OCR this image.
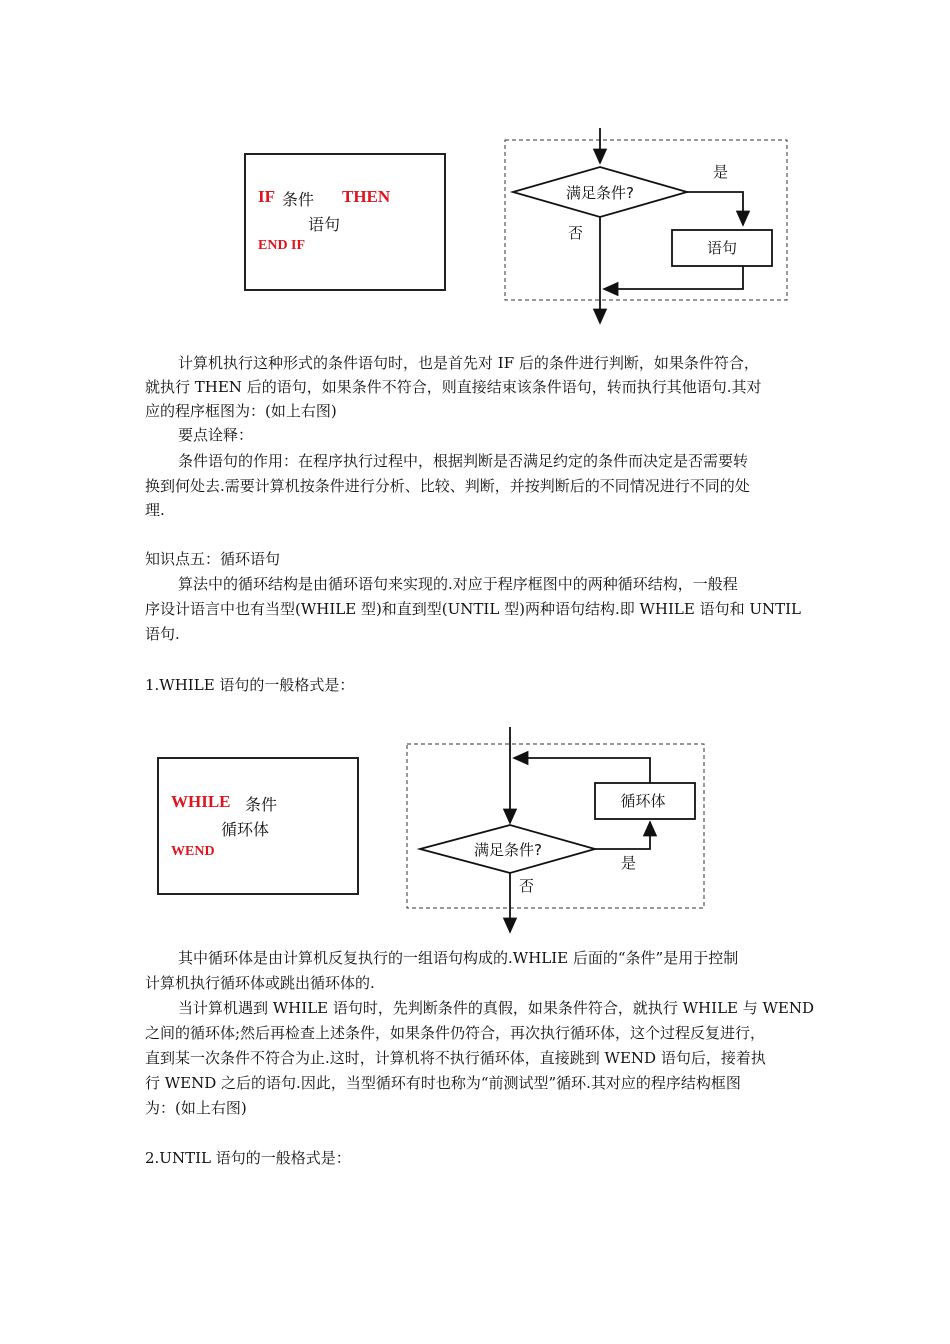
IF 条件 THEN
语句
END IF
满足条件?
是
语句
否
计算机执行这种形式的条件语句时，也是首先对 IF 后的条件进行判断，如果条件符合，
就执行 THEN 后的语句，如果条件不符合，则直接结束该条件语句，转而执行其他语句.其对
应的程序框图为：(如上右图)
要点诠释：
条件语句的作用：在程序执行过程中，根据判断是否满足约定的条件而决定是否需要转
换到何处去.需要计算机按条件进行分析、比较、判断，并按判断后的不同情况进行不同的处
理.
知识点五：循环语句
算法中的循环结构是由循环语句来实现的.对应于程序框图中的两种循环结构，一般程
序设计语言中也有当型(WHILE 型)和直到型(UNTIL 型)两种语句结构.即 WHILE 语句和 UNTIL
语句.
1.WHILE 语句的一般格式是：
WHILE 条件
循环体
WEND	满足条件?
是
循环体
否
其中循环体是由计算机反复执行的一组语句构成的.WHLIE 后面的“条件”是用于控制
计算机执行循环体或跳出循环体的.
当计算机遇到 WHILE 语句时，先判断条件的真假，如果条件符合，就执行 WHILE 与 WEND
之间的循环体;然后再检查上述条件，如果条件仍符合，再次执行循环体，这个过程反复进行，
直到某一次条件不符合为止.这时，计算机将不执行循环体，直接跳到 WEND 语句后，接着执
行 WEND 之后的语句.因此，当型循环有时也称为“前测试型”循环.其对应的程序结构框图
为：(如上右图)
2.UNTIL 语句的一般格式是：
